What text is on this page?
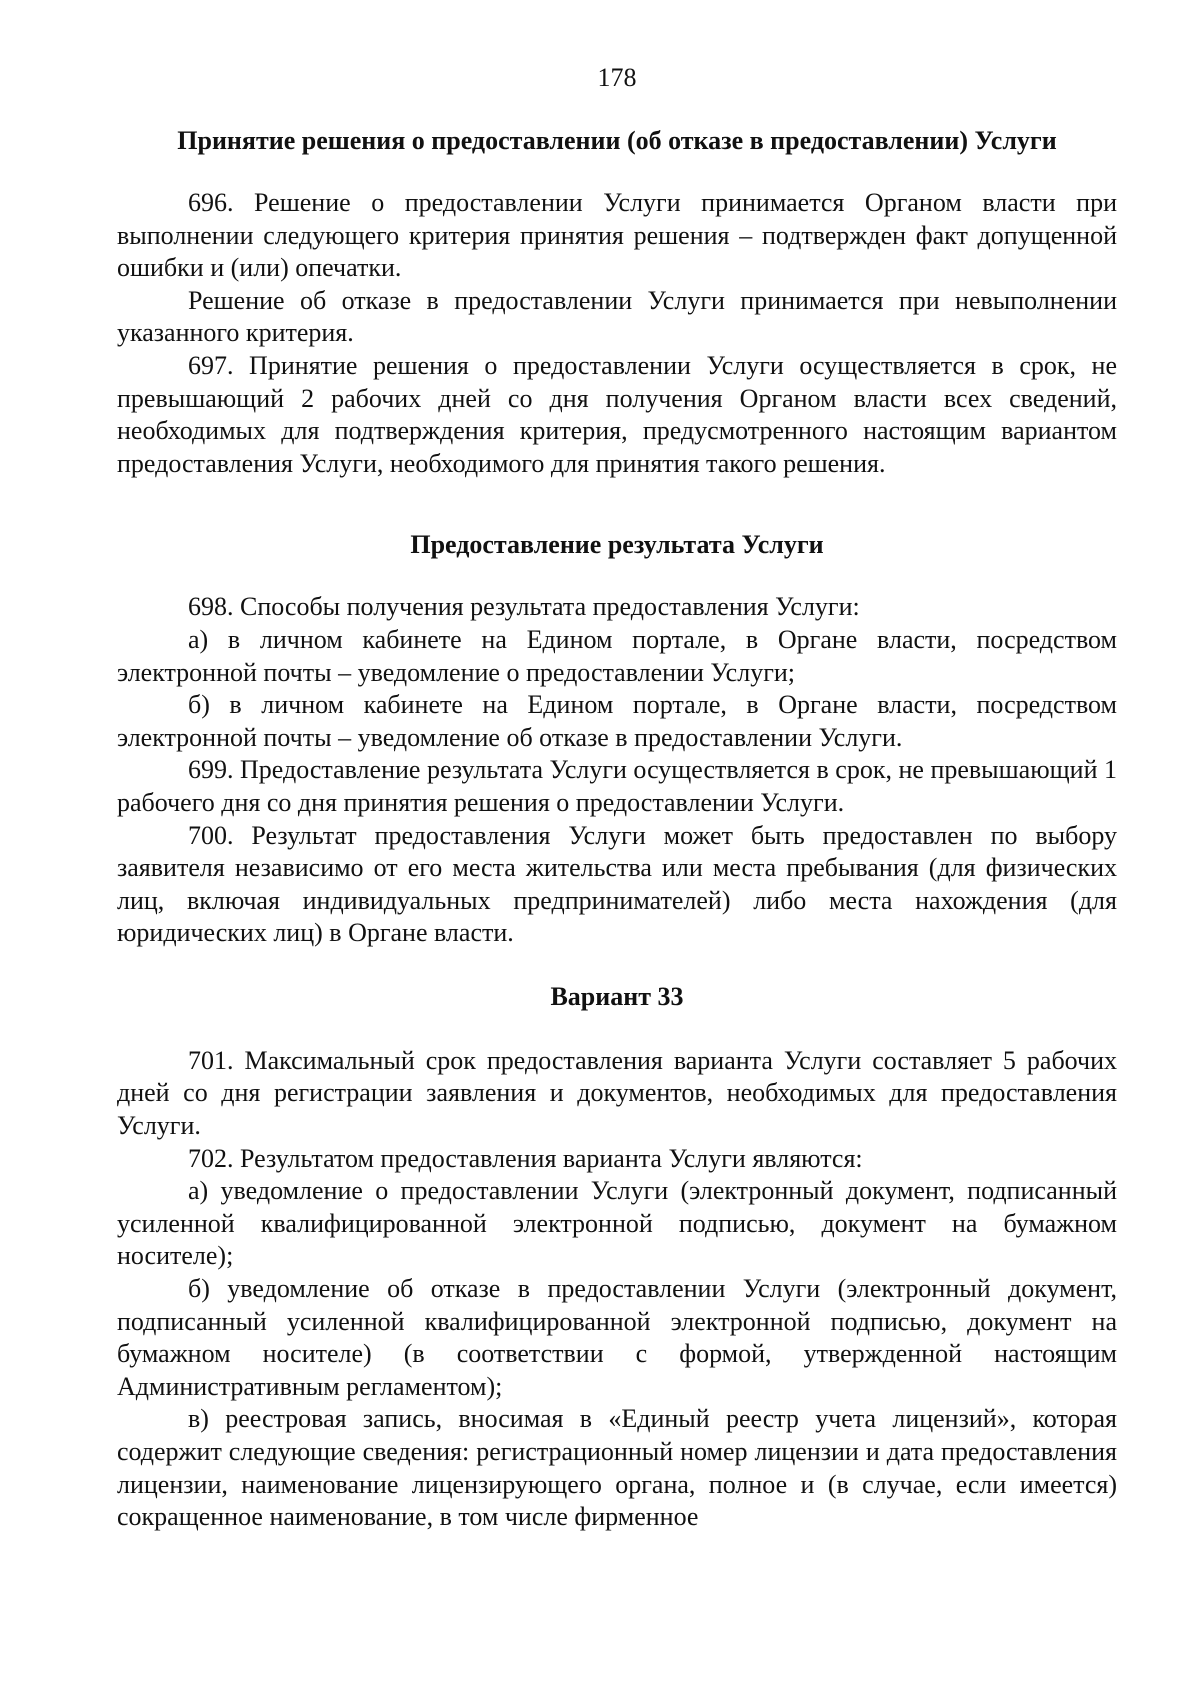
178
Принятие решения о предоставлении (об отказе в предоставлении) Услуги

696. Решение о предоставлении Услуги принимается Органом власти при выполнении следующего критерия принятия решения – подтвержден факт допущенной ошибки и (или) опечатки.

Решение об отказе в предоставлении Услуги принимается при невыполнении указанного критерия.

697. Принятие решения о предоставлении Услуги осуществляется в срок, не превышающий 2 рабочих дней со дня получения Органом власти всех сведений, необходимых для подтверждения критерия, предусмотренного настоящим вариантом предоставления Услуги, необходимого для принятия такого решения.

Предоставление результата Услуги

698. Способы получения результата предоставления Услуги:

а) в личном кабинете на Едином портале, в Органе власти, посредством электронной почты – уведомление о предоставлении Услуги;

б) в личном кабинете на Едином портале, в Органе власти, посредством электронной почты – уведомление об отказе в предоставлении Услуги.

699. Предоставление результата Услуги осуществляется в срок, не превышающий 1 рабочего дня со дня принятия решения о предоставлении Услуги.

700. Результат предоставления Услуги может быть предоставлен по выбору заявителя независимо от его места жительства или места пребывания (для физических лиц, включая индивидуальных предпринимателей) либо места нахождения (для юридических лиц) в Органе власти.

Вариант 33

701. Максимальный срок предоставления варианта Услуги составляет 5 рабочих дней со дня регистрации заявления и документов, необходимых для предоставления Услуги.

702. Результатом предоставления варианта Услуги являются:

а) уведомление о предоставлении Услуги (электронный документ, подписанный усиленной квалифицированной электронной подписью, документ на бумажном носителе);

б) уведомление об отказе в предоставлении Услуги (электронный документ, подписанный усиленной квалифицированной электронной подписью, документ на бумажном носителе) (в соответствии с формой, утвержденной настоящим Административным регламентом);

в) реестровая запись, вносимая в «Единый реестр учета лицензий», которая содержит следующие сведения: регистрационный номер лицензии и дата предоставления лицензии, наименование лицензирующего органа, полное и (в случае, если имеется) сокращенное наименование, в том числе фирменное
